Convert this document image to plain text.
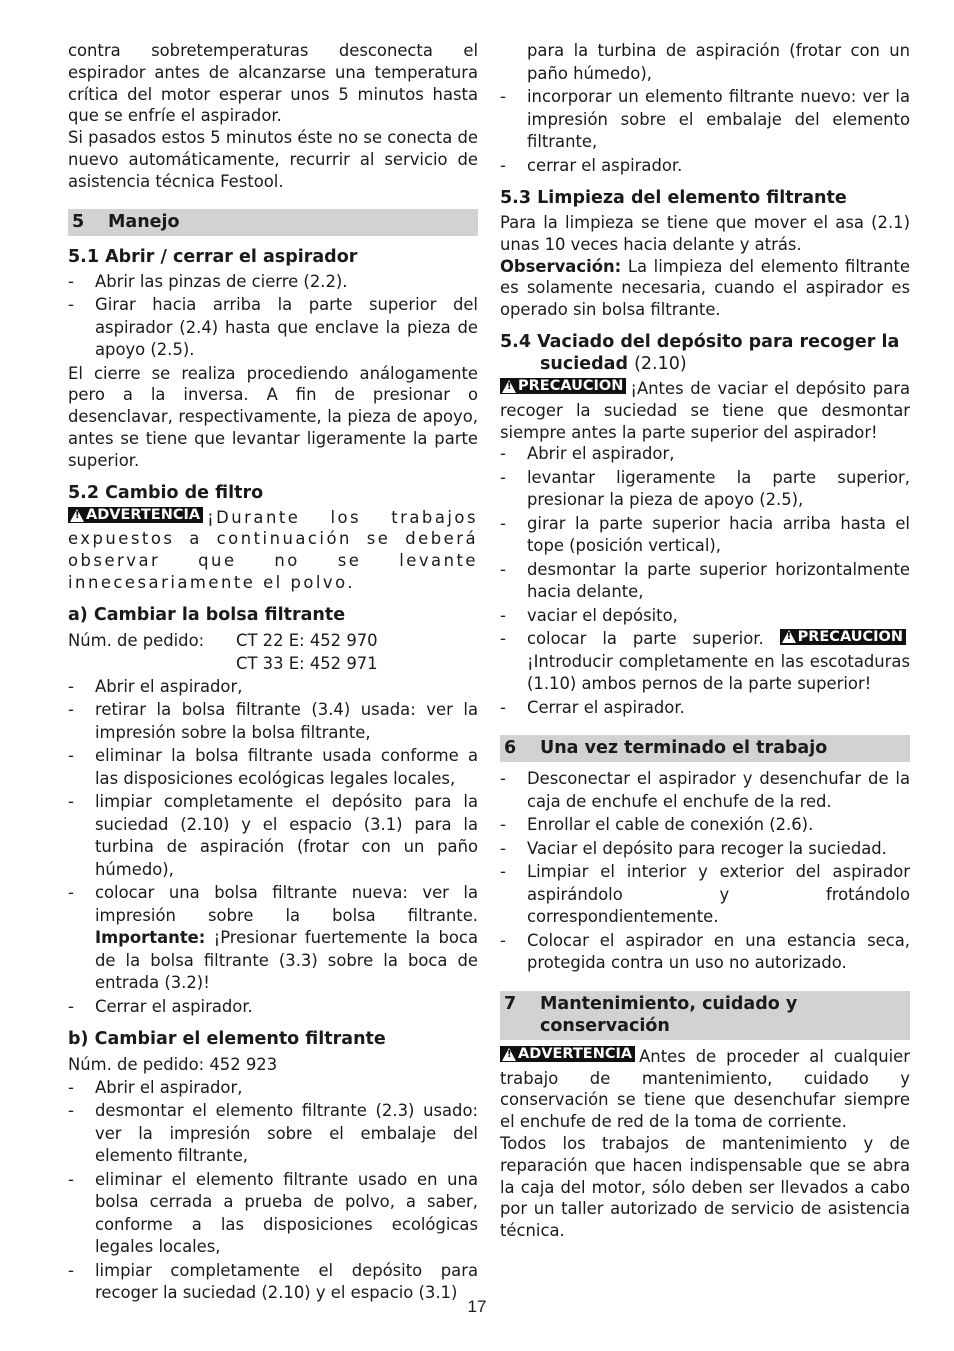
contra sobretemperaturas desconecta el espirador antes de alcanzarse una temperatura crítica del motor esperar unos 5 minutos hasta que se enfríe el aspirador.

Si pasados estos 5 minutos éste no se conecta de nuevo automáticamente, recurrir al servicio de asistencia técnica Festool.

5	Manejo
5.1 Abrir / cerrar el aspirador
- Abrir las pinzas de cierre (2.2).
- Girar hacia arriba la parte superior del aspirador (2.4) hasta que enclave la pieza de apoyo (2.5).

El cierre se realiza procediendo análogamente pero a la inversa. A fin de presionar o desenclavar, respectivamente, la pieza de apoyo, antes se tiene que levantar ligeramente la parte superior.

5.2 Cambio de filtro

!
ADVERTENCIA ¡Durante los trabajos expuestos a continuación se deberá observar que no se levante innecesariamente el polvo.

a) Cambiar la bolsa filtrante
Núm. de pedido:	CT 22 E: 452 970
CT 33 E: 452 971
- Abrir el aspirador,
- retirar la bolsa filtrante (3.4) usada: ver la impresión sobre la bolsa filtrante,
- eliminar la bolsa filtrante usada conforme a las disposiciones ecológicas legales locales,
- limpiar completamente el depósito para la suciedad (2.10) y el espacio (3.1) para la turbina de aspiración (frotar con un paño húmedo),
- colocar una bolsa filtrante nueva: ver la impresión sobre la bolsa filtrante. Importante: ¡Presionar fuertemente la boca de la bolsa filtrante (3.3) sobre la boca de entrada (3.2)!
- Cerrar el aspirador.
b) Cambiar el elemento filtrante
Núm. de pedido: 452 923
- Abrir el aspirador,
- desmontar el elemento filtrante (2.3) usado: ver la impresión sobre el embalaje del elemento filtrante,
- eliminar el elemento filtrante usado en una bolsa cerrada a prueba de polvo, a saber, conforme a las disposiciones ecológicas legales locales,
- limpiar completamente el depósito para recoger la suciedad (2.10) y el espacio (3.1)
para la turbina de aspiración (frotar con un paño húmedo),
- incorporar un elemento filtrante nuevo: ver la impresión sobre el embalaje del elemento filtrante,
- cerrar el aspirador.
5.3 Limpieza del elemento filtrante

Para la limpieza se tiene que mover el asa (2.1) unas 10 veces hacia delante y atrás.

Observación: La limpieza del elemento filtrante es solamente necesaria, cuando el aspirador es operado sin bolsa filtrante.

5.4 Vaciado del depósito para recoger la suciedad (2.10)

!
PRECAUCION ¡Antes de vaciar el depósito para recoger la suciedad se tiene que desmontar siempre antes la parte superior del aspirador!

- Abrir el aspirador,
- levantar ligeramente la parte superior, presionar la pieza de apoyo (2.5),
- girar la parte superior hacia arriba hasta el tope (posición vertical),
- desmontar la parte superior horizontalmente hacia delante,
- vaciar el depósito,
- colocar la parte superior.
! PRECAUCION
¡Introducir completamente en las escotaduras (1.10) ambos pernos de la parte superior!
- Cerrar el aspirador.
6	Una vez terminado el trabajo
- Desconectar el aspirador y desenchufar de la caja de enchufe el enchufe de la red.
- Enrollar el cable de conexión (2.6).
- Vaciar el depósito para recoger la suciedad.
- Limpiar el interior y exterior del aspirador aspirándolo y frotándolo correspondientemente.
- Colocar el aspirador en una estancia seca, protegida contra un uso no autorizado.
7	Mantenimiento, cuidado y conservación

!
ADVERTENCIA Antes de proceder al cualquier trabajo de mantenimiento, cuidado y conservación se tiene que desenchufar siempre el enchufe de red de la toma de corriente.

Todos los trabajos de mantenimiento y de reparación que hacen indispensable que se abra la caja del motor, sólo deben ser llevados a cabo por un taller autorizado de servicio de asistencia técnica.

17
